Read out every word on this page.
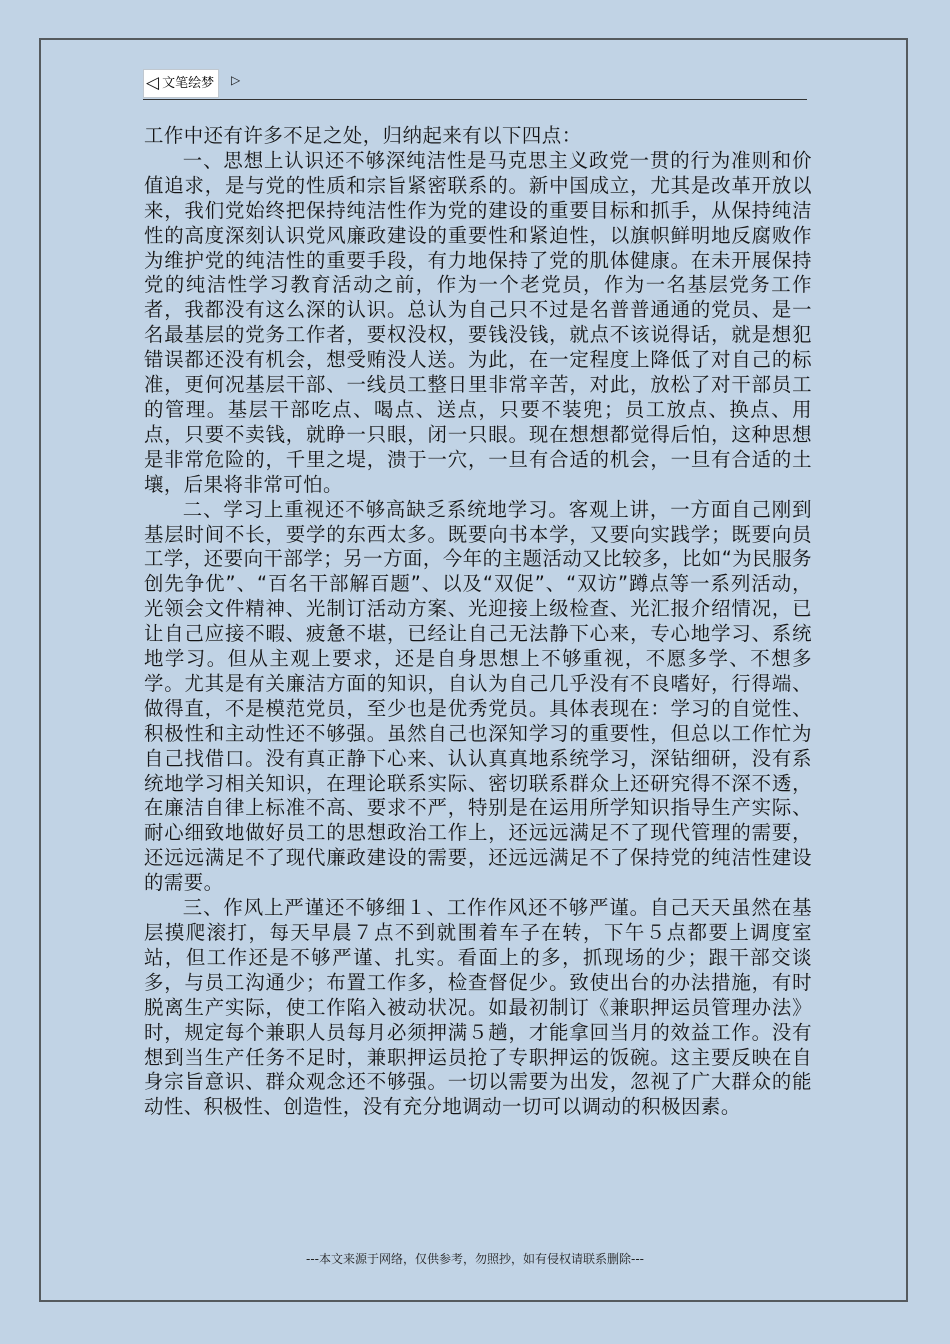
◁ 文笔绘梦 ▷

工作中还有许多不足之处，归纳起来有以下四点：

一、思想上认识还不够深纯洁性是马克思主义政党一贯的行为准则和价值追求，是与党的性质和宗旨紧密联系的。新中国成立，尤其是改革开放以来，我们党始终把保持纯洁性作为党的建设的重要目标和抓手，从保持纯洁性的高度深刻认识党风廉政建设的重要性和紧迫性，以旗帜鲜明地反腐败作为维护党的纯洁性的重要手段，有力地保持了党的肌体健康。在未开展保持党的纯洁性学习教育活动之前，作为一个老党员，作为一名基层党务工作者，我都没有这么深的认识。总认为自己只不过是名普普通通的党员、是一名最基层的党务工作者，要权没权，要钱没钱，就点不该说得话，就是想犯错误都还没有机会，想受贿没人送。为此，在一定程度上降低了对自己的标准，更何况基层干部、一线员工整日里非常辛苦，对此，放松了对干部员工的管理。基层干部吃点、喝点、送点，只要不装兜；员工放点、换点、用点，只要不卖钱，就睁一只眼，闭一只眼。现在想想都觉得后怕，这种思想是非常危险的，千里之堤，溃于一穴，一旦有合适的机会，一旦有合适的土壤，后果将非常可怕。

二、学习上重视还不够高缺乏系统地学习。客观上讲，一方面自己刚到基层时间不长，要学的东西太多。既要向书本学，又要向实践学；既要向员工学，还要向干部学；另一方面，今年的主题活动又比较多，比如“为民服务创先争优”、“百名干部解百题”、以及“双促”、“双访”蹲点等一系列活动，光领会文件精神、光制订活动方案、光迎接上级检查、光汇报介绍情况，已让自己应接不暇、疲惫不堪，已经让自己无法静下心来，专心地学习、系统地学习。但从主观上要求，还是自身思想上不够重视，不愿多学、不想多学。尤其是有关廉洁方面的知识，自认为自己几乎没有不良嗜好，行得端、做得直，不是模范党员，至少也是优秀党员。具体表现在：学习的自觉性、积极性和主动性还不够强。虽然自己也深知学习的重要性，但总以工作忙为自己找借口。没有真正静下心来、认认真真地系统学习，深钻细研，没有系统地学习相关知识，在理论联系实际、密切联系群众上还研究得不深不透，在廉洁自律上标准不高、要求不严，特别是在运用所学知识指导生产实际、耐心细致地做好员工的思想政治工作上，还远远满足不了现代管理的需要，还远远满足不了现代廉政建设的需要，还远远满足不了保持党的纯洁性建设的需要。

三、作风上严谨还不够细１、工作作风还不够严谨。自己天天虽然在基层摸爬滚打，每天早晨７点不到就围着车子在转，下午５点都要上调度室站，但工作还是不够严谨、扎实。看面上的多，抓现场的少；跟干部交谈多，与员工沟通少；布置工作多，检查督促少。致使出台的办法措施，有时脱离生产实际，使工作陷入被动状况。如最初制订《兼职押运员管理办法》时，规定每个兼职人员每月必须押满５趟，才能拿回当月的效益工作。没有想到当生产任务不足时，兼职押运员抢了专职押运的饭碗。这主要反映在自身宗旨意识、群众观念还不够强。一切以需要为出发，忽视了广大群众的能动性、积极性、创造性，没有充分地调动一切可以调动的积极因素。

---本文来源于网络，仅供参考，勿照抄，如有侵权请联系删除---
